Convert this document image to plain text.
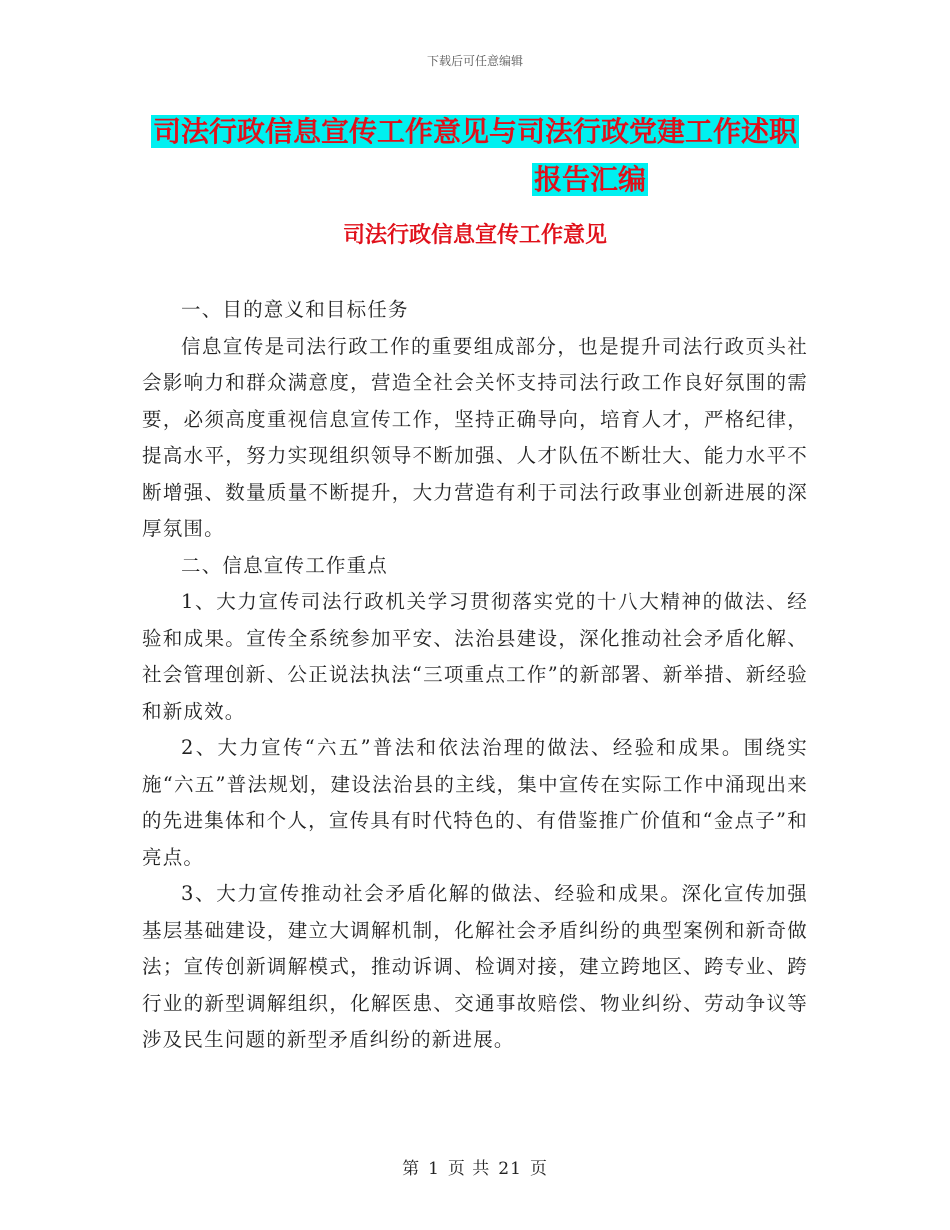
下载后可任意编辑
司法行政信息宣传工作意见与司法行政党建工作述职
报告汇编
司法行政信息宣传工作意见

一、目的意义和目标任务

信息宣传是司法行政工作的重要组成部分，也是提升司法行政页头社会影响力和群众满意度，营造全社会关怀支持司法行政工作良好氛围的需要，必须高度重视信息宣传工作，坚持正确导向，培育人才，严格纪律，提高水平，努力实现组织领导不断加强、人才队伍不断壮大、能力水平不断增强、数量质量不断提升，大力营造有利于司法行政事业创新进展的深厚氛围。

二、信息宣传工作重点

1、大力宣传司法行政机关学习贯彻落实党的十八大精神的做法、经验和成果。宣传全系统参加平安、法治县建设，深化推动社会矛盾化解、社会管理创新、公正说法执法“三项重点工作”的新部署、新举措、新经验和新成效。

2、大力宣传“六五”普法和依法治理的做法、经验和成果。围绕实施“六五”普法规划，建设法治县的主线，集中宣传在实际工作中涌现出来的先进集体和个人，宣传具有时代特色的、有借鉴推广价值和“金点子”和亮点。

3、大力宣传推动社会矛盾化解的做法、经验和成果。深化宣传加强基层基础建设，建立大调解机制，化解社会矛盾纠纷的典型案例和新奇做法；宣传创新调解模式，推动诉调、检调对接，建立跨地区、跨专业、跨行业的新型调解组织，化解医患、交通事故赔偿、物业纠纷、劳动争议等涉及民生问题的新型矛盾纠纷的新进展。

第 1 页 共 21 页
